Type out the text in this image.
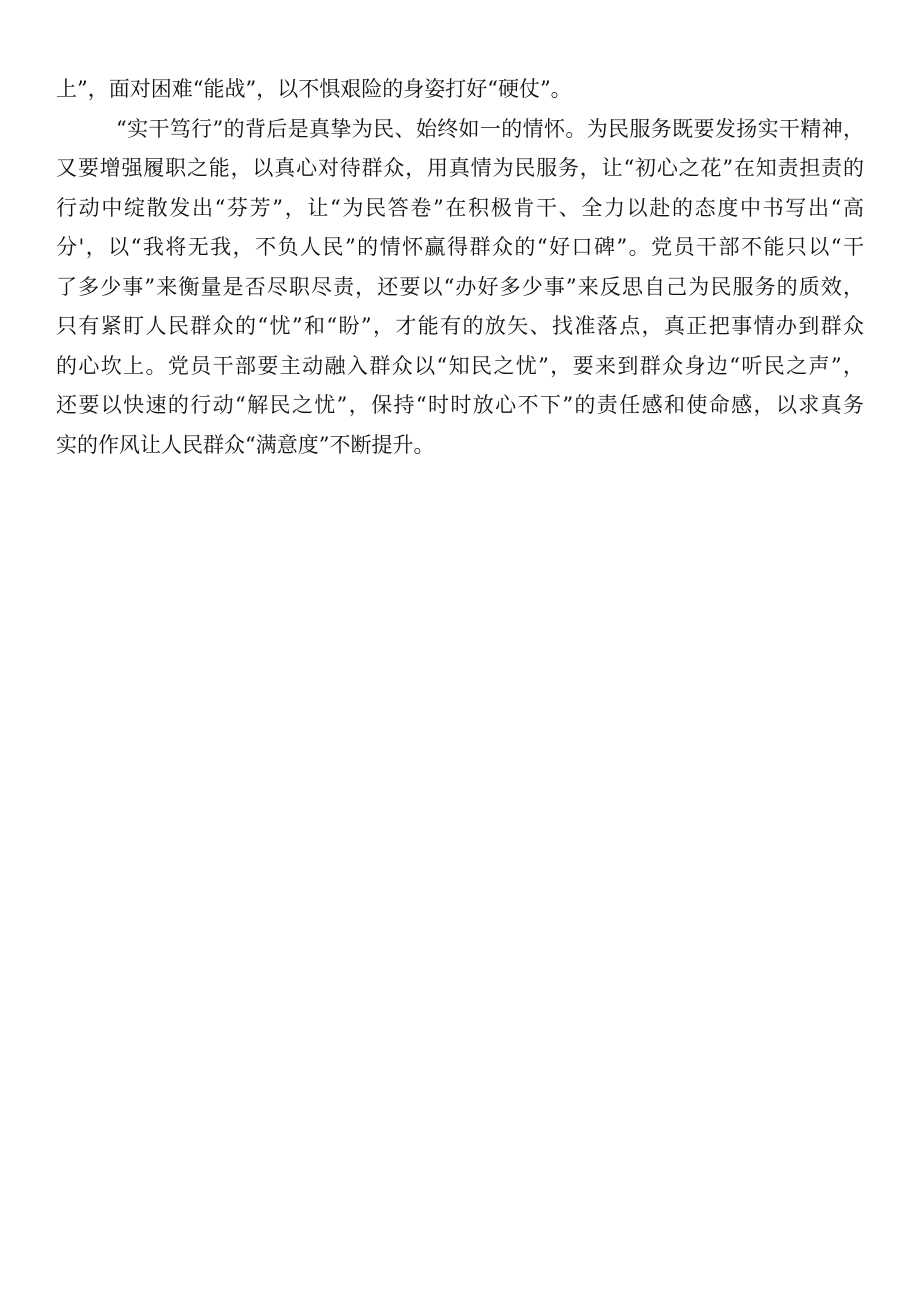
上”，面对困难“能战”，以不惧艰险的身姿打好“硬仗”。
“实干笃行”的背后是真挚为民、始终如一的情怀。为民服务既要发扬实干精神，
又要增强履职之能，以真心对待群众，用真情为民服务，让“初心之花”在知责担责的
行动中绽散发出“芬芳”，让“为民答卷”在积极肯干、全力以赴的态度中书写出“高
分'，以“我将无我，不负人民”的情怀赢得群众的“好口碑”。党员干部不能只以“干
了多少事”来衡量是否尽职尽责，还要以“办好多少事”来反思自己为民服务的质效，
只有紧盯人民群众的“忧”和“盼”，才能有的放矢、找准落点，真正把事情办到群众
的心坎上。党员干部要主动融入群众以“知民之忧”，要来到群众身边“听民之声”，
还要以快速的行动“解民之忧”，保持“时时放心不下”的责任感和使命感，以求真务
实的作风让人民群众“满意度”不断提升。
